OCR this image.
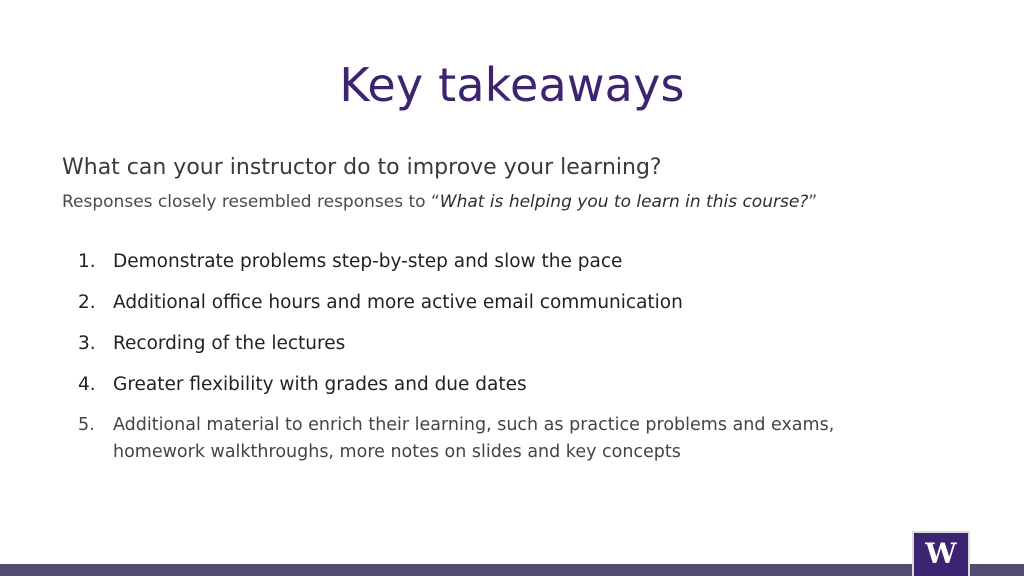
Key takeaways
What can your instructor do to improve your learning?
Responses closely resembled responses to “What is helping you to learn in this course?”
1. Demonstrate problems step-by-step and slow the pace
2. Additional office hours and more active email communication
3. Recording of the lectures
4. Greater flexibility with grades and due dates
5.	Additional material to enrich their learning, such as practice problems and exams, homework walkthroughs, more notes on slides and key concepts
W
